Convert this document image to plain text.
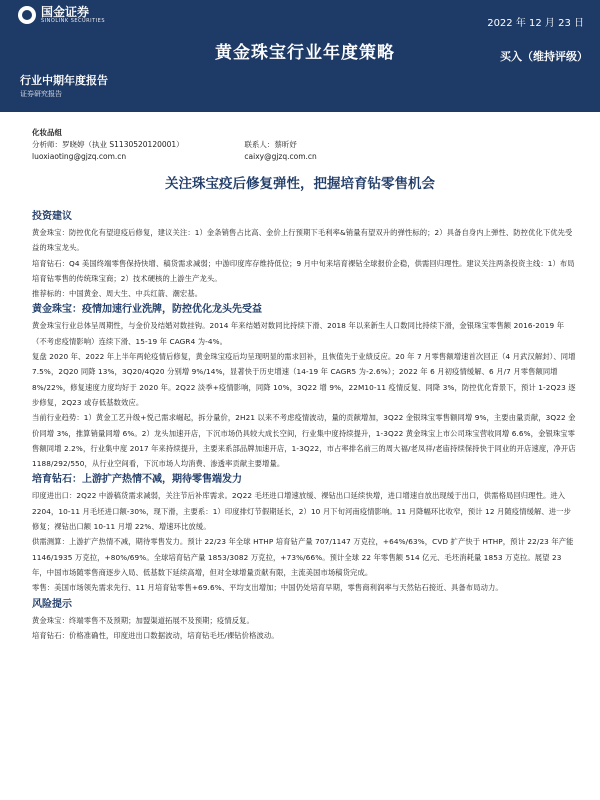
国金证券
SINOLINK SECURITIES	2022 年 12 月 23 日
黄金珠宝行业年度策略	买入（维持评级）
行业中期年度报告
证券研究报告
化妆品组
分析师：罗晓婷（执业 S1130520120001）	联系人：蔡昕妤
luoxiaoting@gjzq.com.cn	caixy@gjzq.com.cn
关注珠宝疫后修复弹性，把握培育钻零售机会
投资建议
黄金珠宝：防控优化有望迎疫后修复，建议关注：1）金条销售占比高、金价上行预期下毛利率&销量有望双升的弹性标的；2）具备自身内上弹性、防控优化下优先受益的珠宝龙头。
培育钻石：Q4 美国终端零售保持快增、稿货需求减弱；中游印度库存维持低位；9 月中旬来培育裸钻全球报价企稳，供需回归理性。建议关注两条投资主线：1）布局培育钻零售的传统珠宝商；2）技术硬核的上游生产龙头。
推荐标的：中国黄金、周大生、中兵红箭、潮宏基。
黄金珠宝：疫情加速行业洗牌，防控优化龙头先受益
黄金珠宝行业总体呈周期性，与金价及结婚对数挂钩。2014 年来结婚对数同比持续下滑、2018 年以来新生人口数同比持续下滑，金银珠宝零售额 2016-2019 年（不考虑疫情影响）连续下滑、15-19 年 CAGR4 为-4%。
复盘 2020 年、2022 年上半年两轮疫情后修复，黄金珠宝疫后均呈现明显的需求回补，且恢值先于业绩反应。20 年 7 月零售额增速首次回正（4 月武汉解封）、同增 7.5%，2Q20 同降 13%，3Q20/4Q20 分别增 9%/14%，显著快于历史增速（14-19 年 CAGR5 为-2.6%）；2022 年 6 月初疫情缓解、6 月/7 月零售额同增 8%/22%，修复速度力度均好于 2020 年。2Q22 淡季+疫情影响，同降 10%，3Q22 增 9%，22M10-11 疫情反复、同降 3%，防控优化背景下，预计 1-2Q23 逐步修复，2Q23 或存低基数效应。
当前行业趋势：1）黄金工艺升级+悦己需求崛起，拆分量价，2H21 以来不考虑疫情波动，量的贡献增加，3Q22 金银珠宝零售额同增 9%，主要由量贡献，3Q22 金价同增 3%，推算销量同增 6%。2）龙头加速开店，下沉市场仍具较大成长空间，行业集中度持续提升，1-3Q22 黄金珠宝上市公司珠宝营收同增 6.6%，金银珠宝零售额同增 2.2%，行业集中度 2017 年来持续提升，主要来系部品牌加速开店，1-3Q22，市占率排名前三的周大福/老凤祥/老庙持续保持快于同业的开店速度，净开店 1188/292/550，从行业空间看，下沉市场人均消费、渗透率贡献主要增量。
培育钻石：上游扩产热情不减，期待零售端发力
印度进出口：2Q22 中游稿货需求减弱，关注节后补库需求。2Q22 毛坯进口增速放缓、裸钻出口延续快增，进口增速自放出现缓于出口，供需格局回归理性。进入 2204，10-11 月毛坯进口额-30%，现下滑，主要系：1）印度排灯节假期延长，2）10 月下旬河南疫情影响。11 月降幅环比收窄，预计 12 月随疫情缓解、进一步修复；裸钻出口额 10-11 月增 22%、增速环比放缓。
供需测算：上游扩产热情不减，期待零售发力。预计 22/23 年全球 HTHP 培育钻产量 707/1147 万克拉，+64%/63%，CVD 扩产快于 HTHP，预计 22/23 年产能 1146/1935 万克拉，+80%/69%。全球培育钻产量 1853/3082 万克拉，+73%/66%。预计全球 22 年零售额 514 亿元、毛坯消耗量 1853 万克拉。展望 23 年，中国市场随零售商逐步入局、低基数下延续高增，但对全球增量贡献有限，主流美国市场稿货完成。
零售：美国市场领先需求先行、11 月培育钻零售+69.6%、平均支出增加；中国仍处培育早期，零售商利润率与天然钻石接近、具备布局动力。
风险提示
黄金珠宝：终端零售不及预期；加盟渠道拓展不及预期；疫情反复。
培育钻石：价格准确性，印度进出口数据波动，培育钻毛坯/裸钻价格波动。
